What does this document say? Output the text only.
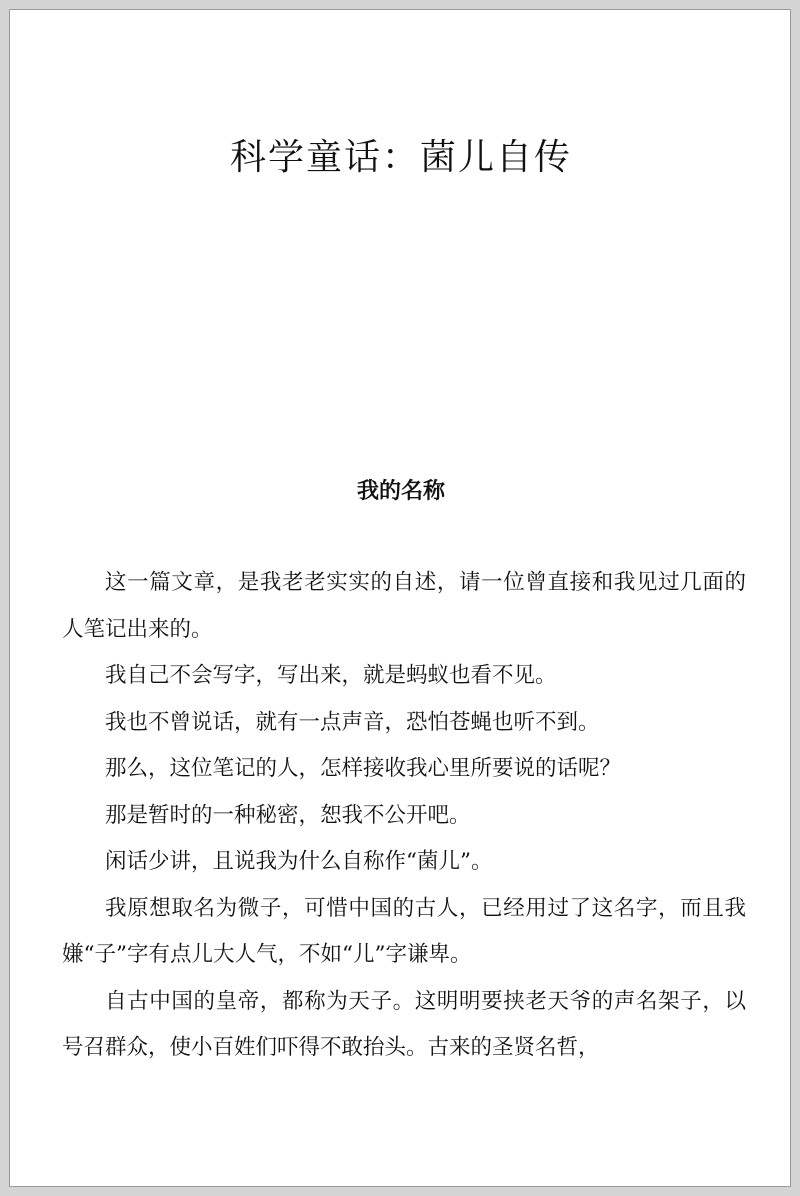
科学童话：菌儿自传
我的名称

这一篇文章，是我老老实实的自述，请一位曾直接和我见过几面的人笔记出来的。

我自己不会写字，写出来，就是蚂蚁也看不见。

我也不曾说话，就有一点声音，恐怕苍蝇也听不到。

那么，这位笔记的人，怎样接收我心里所要说的话呢？

那是暂时的一种秘密，恕我不公开吧。

闲话少讲，且说我为什么自称作“菌儿”。

我原想取名为微子，可惜中国的古人，已经用过了这名字，而且我嫌“子”字有点儿大人气，不如“儿”字谦卑。

自古中国的皇帝，都称为天子。这明明要挟老天爷的声名架子，以号召群众，使小百姓们吓得不敢抬头。古来的圣贤名哲，
